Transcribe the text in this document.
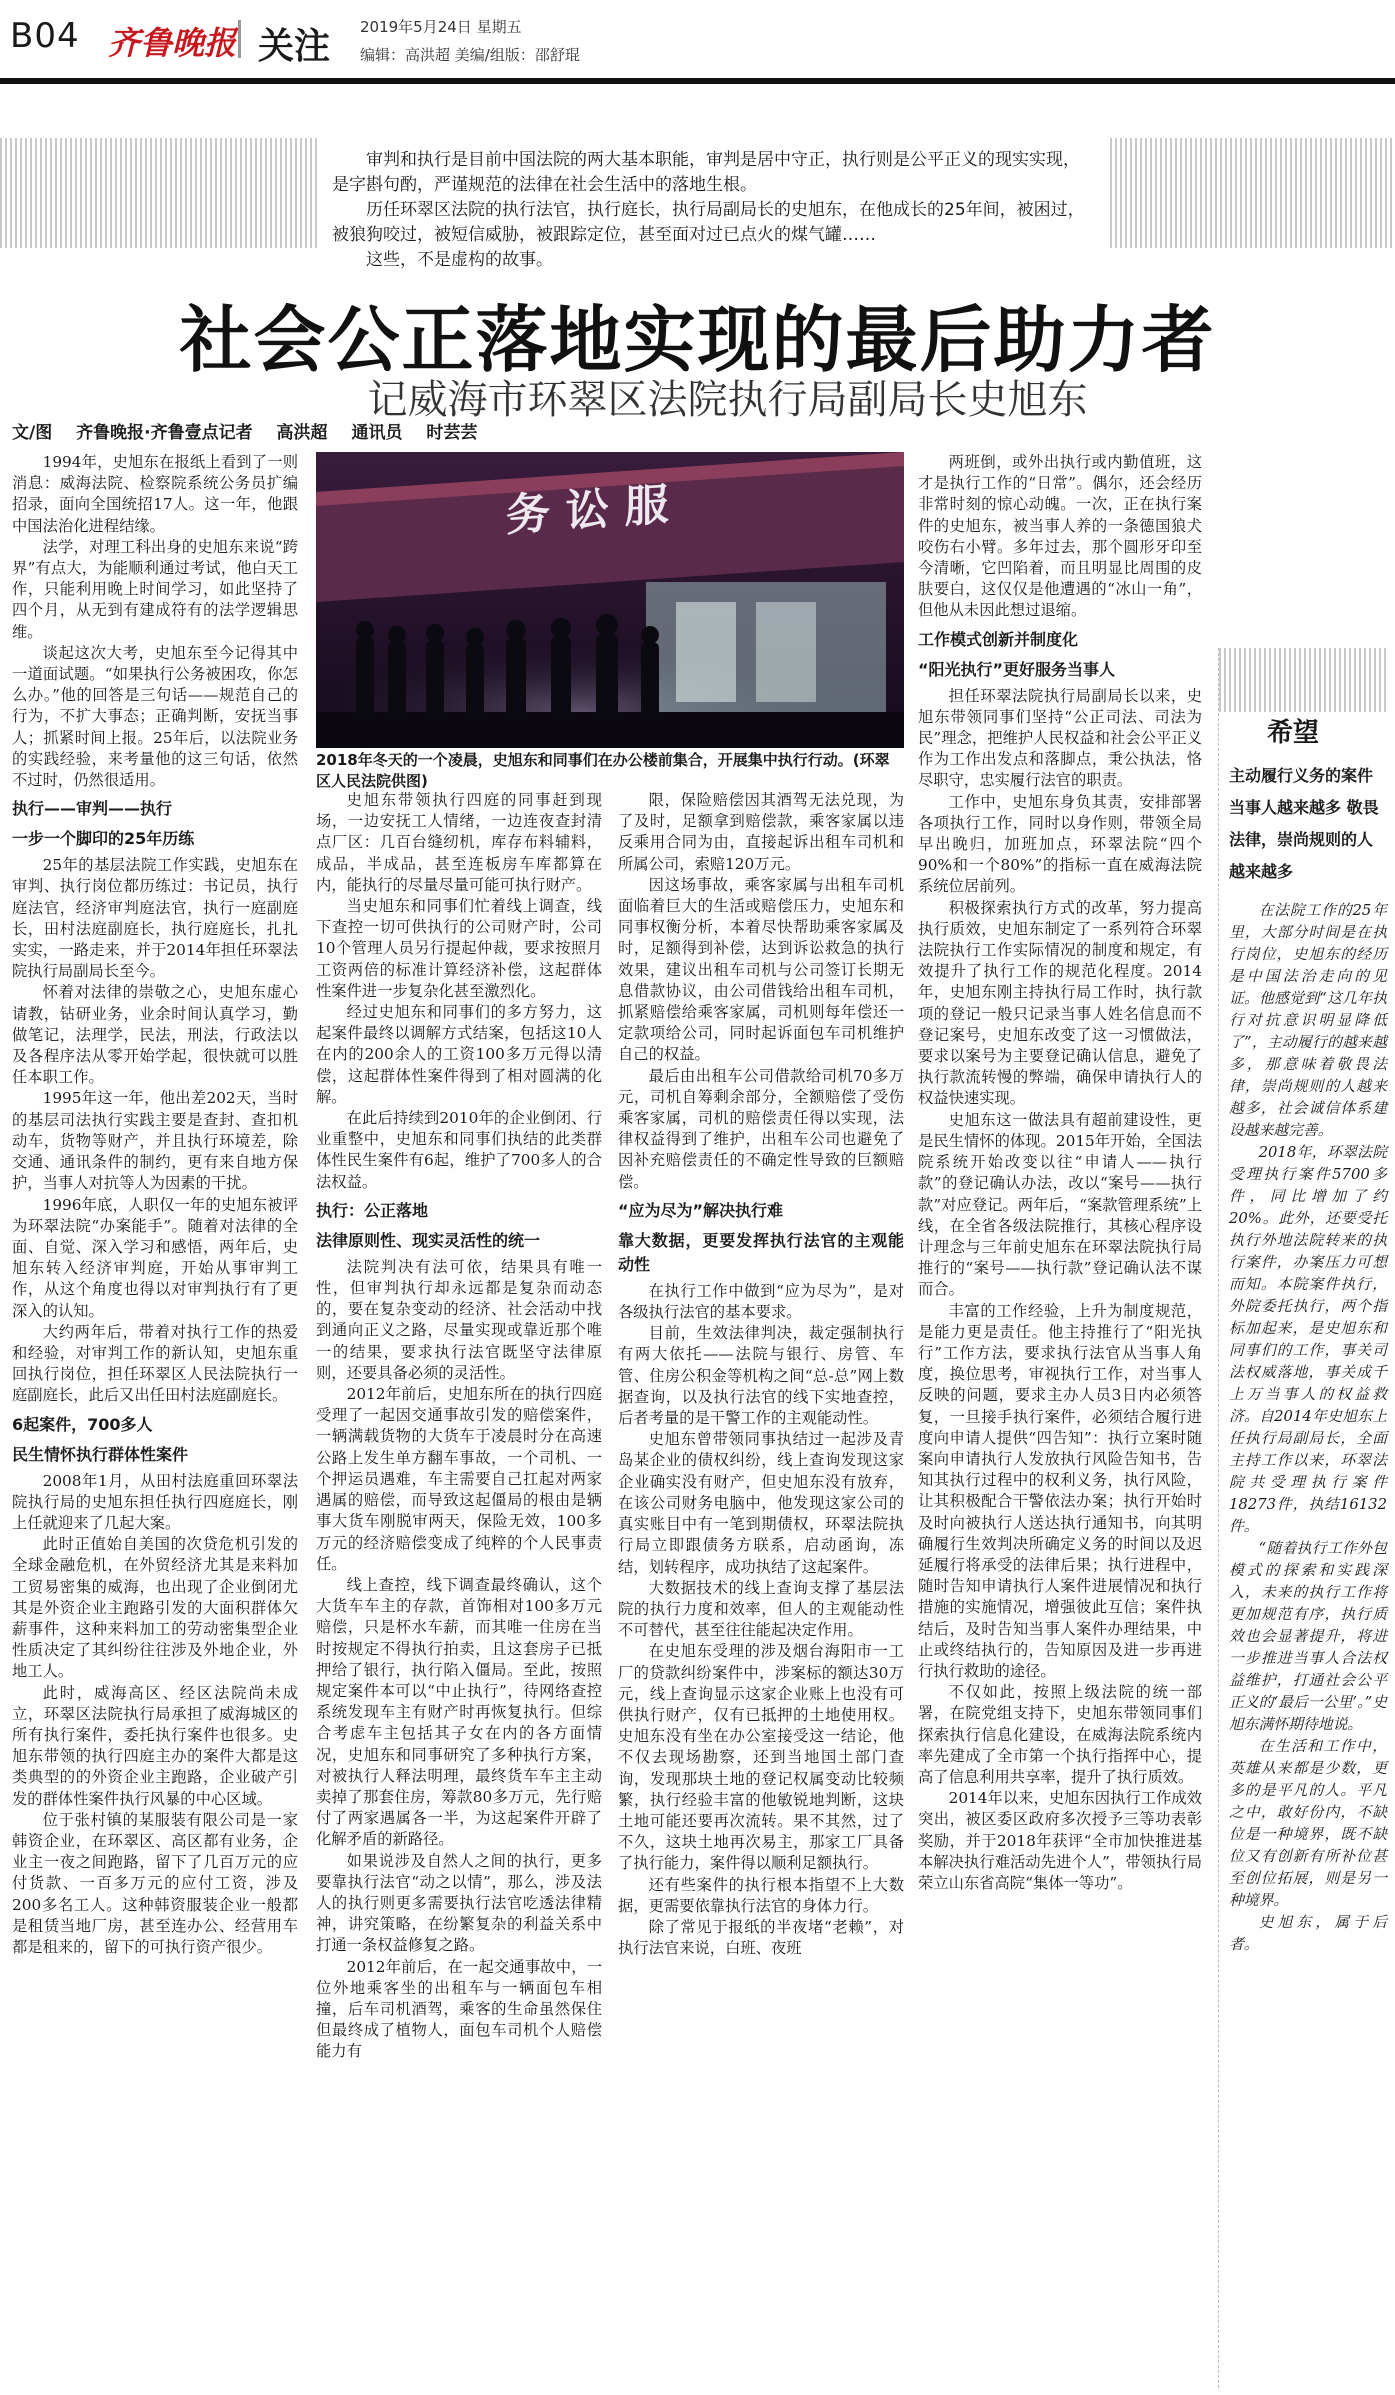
B04 齐鲁晚报 关注 2019年5月24日 星期五
编辑：高洪超 美编/组版：邵舒琨

审判和执行是目前中国法院的两大基本职能，审判是居中守正，执行则是公平正义的现实实现，是字斟句酌，严谨规范的法律在社会生活中的落地生根。

历任环翠区法院的执行法官，执行庭长，执行局副局长的史旭东，在他成长的25年间，被困过，被狼狗咬过，被短信威胁，被跟踪定位，甚至面对过已点火的煤气罐……

这些，不是虚构的故事。

社会公正落地实现的最后助力者
记威海市环翠区法院执行局副局长史旭东
文/图 齐鲁晚报·齐鲁壹点记者 高洪超 通讯员 时芸芸
务 讼 服
2018年冬天的一个凌晨，史旭东和同事们在办公楼前集合，开展集中执行行动。(环翠区人民法院供图)

1994年，史旭东在报纸上看到了一则消息：威海法院、检察院系统公务员扩编招录，面向全国统招17人。这一年，他跟中国法治化进程结缘。

法学，对理工科出身的史旭东来说“跨界”有点大，为能顺利通过考试，他白天工作，只能利用晚上时间学习，如此坚持了四个月，从无到有建成符有的法学逻辑思维。

谈起这次大考，史旭东至今记得其中一道面试题。“如果执行公务被困攻，你怎么办。”他的回答是三句话——规范自己的行为，不扩大事态；正确判断，安抚当事人；抓紧时间上报。25年后，以法院业务的实践经验，来考量他的这三句话，依然不过时，仍然很适用。

执行——审判——执行
一步一个脚印的25年历练

25年的基层法院工作实践，史旭东在审判、执行岗位都历练过：书记员，执行庭法官，经济审判庭法官，执行一庭副庭长，田村法庭副庭长，执行庭庭长，扎扎实实，一路走来，并于2014年担任环翠法院执行局副局长至今。

怀着对法律的崇敬之心，史旭东虚心请教，钻研业务，业余时间认真学习，勤做笔记，法理学，民法，刑法，行政法以及各程序法从零开始学起，很快就可以胜任本职工作。

1995年这一年，他出差202天，当时的基层司法执行实践主要是查封、查扣机动车，货物等财产，并且执行环境差，除交通、通讯条件的制约，更有来自地方保护，当事人对抗等人为因素的干扰。

1996年底，人职仅一年的史旭东被评为环翠法院“办案能手”。随着对法律的全面、自觉、深入学习和感悟，两年后，史旭东转入经济审判庭，开始从事审判工作，从这个角度也得以对审判执行有了更深入的认知。

大约两年后，带着对执行工作的热爱和经验，对审判工作的新认知，史旭东重回执行岗位，担任环翠区人民法院执行一庭副庭长，此后又出任田村法庭副庭长。

6起案件，700多人
民生情怀执行群体性案件

2008年1月，从田村法庭重回环翠法院执行局的史旭东担任执行四庭庭长，刚上任就迎来了几起大案。

此时正值始自美国的次贷危机引发的全球金融危机，在外贸经济尤其是来料加工贸易密集的威海，也出现了企业倒闭尤其是外资企业主跑路引发的大面积群体欠薪事件，这种来料加工的劳动密集型企业性质决定了其纠纷往往涉及外地企业，外地工人。

此时，威海高区、经区法院尚未成立，环翠区法院执行局承担了威海城区的所有执行案件，委托执行案件也很多。史旭东带领的执行四庭主办的案件大都是这类典型的的外资企业主跑路，企业破产引发的群体性案件执行风暴的中心区域。

位于张村镇的某服装有限公司是一家韩资企业，在环翠区、高区都有业务，企业主一夜之间跑路，留下了几百万元的应付货款、一百多万元的应付工资，涉及200多名工人。这种韩资服装企业一般都是租赁当地厂房，甚至连办公、经营用车都是租来的，留下的可执行资产很少。

史旭东带领执行四庭的同事赶到现场，一边安抚工人情绪，一边连夜查封清点厂区：几百台缝纫机，库存布料辅料，成品，半成品，甚至连板房车库都算在内，能执行的尽量尽量可能可执行财产。

当史旭东和同事们忙着线上调查，线下查控一切可供执行的公司财产时，公司10个管理人员另行提起仲裁，要求按照月工资两倍的标准计算经济补偿，这起群体性案件进一步复杂化甚至激烈化。

经过史旭东和同事们的多方努力，这起案件最终以调解方式结案，包括这10人在内的200余人的工资100多万元得以清偿，这起群体性案件得到了相对圆满的化解。

在此后持续到2010年的企业倒闭、行业重整中，史旭东和同事们执结的此类群体性民生案件有6起，维护了700多人的合法权益。

执行：公正落地
法律原则性、现实灵活性的统一

法院判决有法可依，结果具有唯一性，但审判执行却永远都是复杂而动态的，要在复杂变动的经济、社会活动中找到通向正义之路，尽量实现或靠近那个唯一的结果，要求执行法官既坚守法律原则，还要具备必须的灵活性。

2012年前后，史旭东所在的执行四庭受理了一起因交通事故引发的赔偿案件，一辆满载货物的大货车于凌晨时分在高速公路上发生单方翻车事故，一个司机、一个押运员遇难，车主需要自己扛起对两家遇属的赔偿，而导致这起僵局的根由是辆事大货车刚脱审两天，保险无效，100多万元的经济赔偿变成了纯粹的个人民事责任。

线上查控，线下调查最终确认，这个大货车车主的存款，首饰相对100多万元赔偿，只是杯水车薪，而其唯一住房在当时按规定不得执行拍卖，且这套房子已抵押给了银行，执行陷入僵局。至此，按照规定案件本可以“中止执行”，待网络查控系统发现车主有财产时再恢复执行。但综合考虑车主包括其子女在内的各方面情况，史旭东和同事研究了多种执行方案，对被执行人释法明理，最终货车车主主动卖掉了那套住房，筹款80多万元，先行赔付了两家遇属各一半，为这起案件开辟了化解矛盾的新路径。

如果说涉及自然人之间的执行，更多要靠执行法官“动之以情”，那么，涉及法人的执行则更多需要执行法官吃透法律精神，讲究策略，在纷繁复杂的利益关系中打通一条权益修复之路。

2012年前后，在一起交通事故中，一位外地乘客坐的出租车与一辆面包车相撞，后车司机酒驾，乘客的生命虽然保住但最终成了植物人，面包车司机个人赔偿能力有

限，保险赔偿因其酒驾无法兑现，为了及时，足额拿到赔偿款，乘客家属以违反乘用合同为由，直接起诉出租车司机和所属公司，索赔120万元。

因这场事故，乘客家属与出租车司机面临着巨大的生活或赔偿压力，史旭东和同事权衡分析，本着尽快帮助乘客家属及时，足额得到补偿，达到诉讼救急的执行效果，建议出租车司机与公司签订长期无息借款协议，由公司借钱给出租车司机，抓紧赔偿给乘客家属，司机则每年偿还一定款项给公司，同时起诉面包车司机维护自己的权益。

最后由出租车公司借款给司机70多万元，司机自筹剩余部分，全额赔偿了受伤乘客家属，司机的赔偿责任得以实现，法律权益得到了维护，出租车公司也避免了因补充赔偿责任的不确定性导致的巨额赔偿。

“应为尽为”解决执行难
靠大数据，更要发挥执行法官的主观能动性

在执行工作中做到“应为尽为”，是对各级执行法官的基本要求。

目前，生效法律判决，裁定强制执行有两大依托——法院与银行、房管、车管、住房公积金等机构之间“总-总”网上数据查询，以及执行法官的线下实地查控，后者考量的是干警工作的主观能动性。

史旭东曾带领同事执结过一起涉及青岛某企业的债权纠纷，线上查询发现这家企业确实没有财产，但史旭东没有放弃，在该公司财务电脑中，他发现这家公司的真实账目中有一笔到期债权，环翠法院执行局立即跟债务方联系，启动函询，冻结，划转程序，成功执结了这起案件。

大数据技术的线上查询支撑了基层法院的执行力度和效率，但人的主观能动性不可替代，甚至往往能起决定作用。

在史旭东受理的涉及烟台海阳市一工厂的贷款纠纷案件中，涉案标的额达30万元，线上查询显示这家企业账上也没有可供执行财产，仅有已抵押的土地使用权。史旭东没有坐在办公室接受这一结论，他不仅去现场勘察，还到当地国土部门查询，发现那块土地的登记权属变动比较频繁，执行经验丰富的他敏锐地判断，这块土地可能还要再次流转。果不其然，过了不久，这块土地再次易主，那家工厂具备了执行能力，案件得以顺利足额执行。

还有些案件的执行根本指望不上大数据，更需要依靠执行法官的身体力行。

除了常见于报纸的半夜堵“老赖”，对执行法官来说，白班、夜班

两班倒，或外出执行或内勤值班，这才是执行工作的“日常”。偶尔，还会经历非常时刻的惊心动魄。一次，正在执行案件的史旭东，被当事人养的一条德国狼犬咬伤右小臂。多年过去，那个圆形牙印至今清晰，它凹陷着，而且明显比周围的皮肤要白，这仅仅是他遭遇的“冰山一角”，但他从未因此想过退缩。

工作模式创新并制度化
“阳光执行”更好服务当事人

担任环翠法院执行局副局长以来，史旭东带领同事们坚持“公正司法、司法为民”理念，把维护人民权益和社会公平正义作为工作出发点和落脚点，秉公执法，恪尽职守，忠实履行法官的职责。

工作中，史旭东身负其责，安排部署各项执行工作，同时以身作则，带领全局早出晚归，加班加点，环翠法院“四个90%和一个80%”的指标一直在威海法院系统位居前列。

积极探索执行方式的改革，努力提高执行质效，史旭东制定了一系列符合环翠法院执行工作实际情况的制度和规定，有效提升了执行工作的规范化程度。2014年，史旭东刚主持执行局工作时，执行款项的登记一般只记录当事人姓名信息而不登记案号，史旭东改变了这一习惯做法，要求以案号为主要登记确认信息，避免了执行款流转慢的弊端，确保申请执行人的权益快速实现。

史旭东这一做法具有超前建设性，更是民生情怀的体现。2015年开始，全国法院系统开始改变以往“申请人——执行款”的登记确认办法，改以“案号——执行款”对应登记。两年后，“案款管理系统”上线，在全省各级法院推行，其核心程序设计理念与三年前史旭东在环翠法院执行局推行的“案号——执行款”登记确认法不谋而合。

丰富的工作经验，上升为制度规范，是能力更是责任。他主持推行了“阳光执行”工作方法，要求执行法官从当事人角度，换位思考，审视执行工作，对当事人反映的问题，要求主办人员3日内必须答复，一旦接手执行案件，必须结合履行进度向申请人提供“四告知”：执行立案时随案向申请执行人发放执行风险告知书，告知其执行过程中的权利义务，执行风险，让其积极配合干警依法办案；执行开始时及时向被执行人送达执行通知书，向其明确履行生效判决所确定义务的时间以及迟延履行将承受的法律后果；执行进程中，随时告知申请执行人案件进展情况和执行措施的实施情况，增强彼此互信；案件执结后，及时告知当事人案件办理结果，中止或终结执行的，告知原因及进一步再进行执行救助的途径。

不仅如此，按照上级法院的统一部署，在院党组支持下，史旭东带领同事们探索执行信息化建设，在威海法院系统内率先建成了全市第一个执行指挥中心，提高了信息利用共享率，提升了执行质效。

2014年以来，史旭东因执行工作成效突出，被区委区政府多次授予三等功表彰奖励，并于2018年获评“全市加快推进基本解决执行难活动先进个人”，带领执行局荣立山东省高院“集体一等功”。

希望
主动履行义务的案件当事人越来越多 敬畏法律，崇尚规则的人越来越多

在法院工作的25年里，大部分时间是在执行岗位，史旭东的经历是中国法治走向的见证。他感觉到“这几年执行对抗意识明显降低了”，主动履行的越来越多，那意味着敬畏法律，崇尚规则的人越来越多，社会诚信体系建设越来越完善。

2018年，环翠法院受理执行案件5700多件，同比增加了约20%。此外，还要受托执行外地法院转来的执行案件，办案压力可想而知。本院案件执行，外院委托执行，两个指标加起来，是史旭东和同事们的工作，事关司法权威落地，事关成千上万当事人的权益救济。自2014年史旭东上任执行局副局长，全面主持工作以来，环翠法院共受理执行案件18273件，执结16132件。

“随着执行工作外包模式的探索和实践深入，未来的执行工作将更加规范有序，执行质效也会显著提升，将进一步推进当事人合法权益维护，打通社会公平正义的‘最后一公里’。”史旭东满怀期待地说。

在生活和工作中，英雄从来都是少数，更多的是平凡的人。平凡之中，敢好份内，不缺位是一种境界，既不缺位又有创新有所补位甚至创位拓展，则是另一种境界。

史旭东，属于后者。
